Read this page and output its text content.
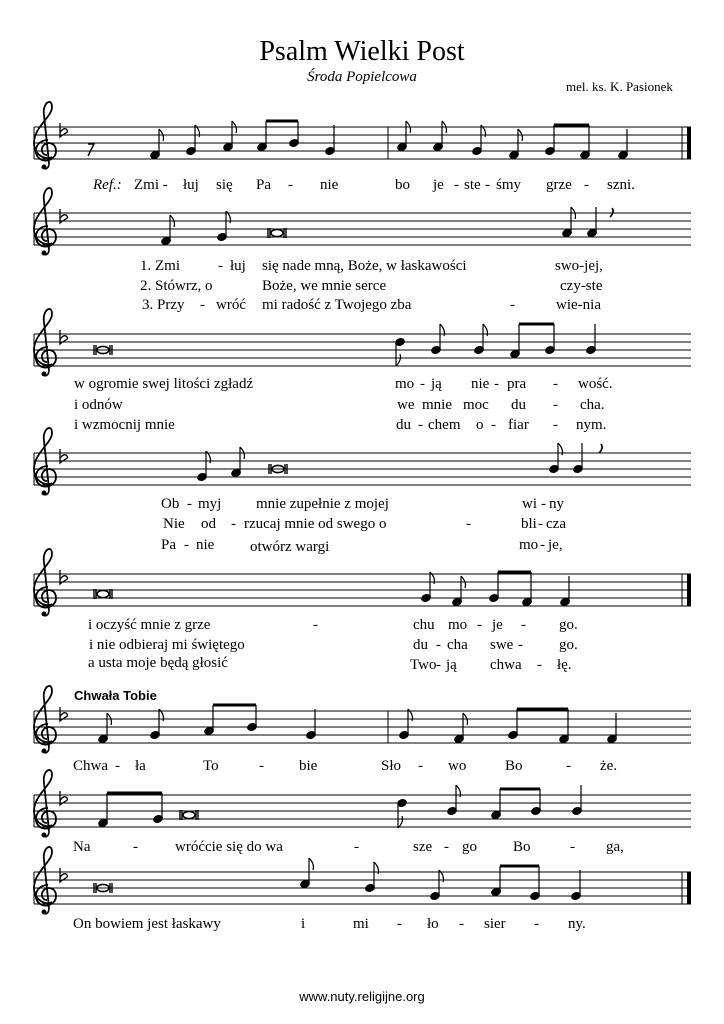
Psalm Wielki Post
Środa Popielcowa
mel. ks. K. Pasionek
Ref.: Zmi - łuj się Pa - nie	bo je - ste - śmy grze - szni.
1. Zmi	- łuj się nade mną, Boże, w łaskawości	swo-jej,
2. Stówrz, o	Boże, we mnie serce	czy-ste
3. Przy - wróć mi radość z Twojego zba	-	wie-nia
w ogromie swej litości zgładź	mo - ją nie - pra - wość.
i odnów	we mnie moc du - cha.
i wzmocnij mnie	du - chem o - fiar - nym.
Ob - myj mnie zupełnie z mojej	wi - ny
Nie od - rzucaj mnie od swego o	-	bli - cza
Pa - nie otwórz wargi	mo - je,
i oczyść mnie z grze	-	chu mo - je - go.
i nie odbieraj mi świętego	du - cha swe - go.
a usta moje będą głosić	Two - ją chwa - łę.
Chwała Tobie
Chwa - ła	To	- bie	Sło - wo	Bo	- że.
Na	- wróćcie się do wa	-	sze - go Bo	- ga,
On bowiem jest łaskawy	i	mi - ło - sier - ny.
www.nuty.religijne.org
